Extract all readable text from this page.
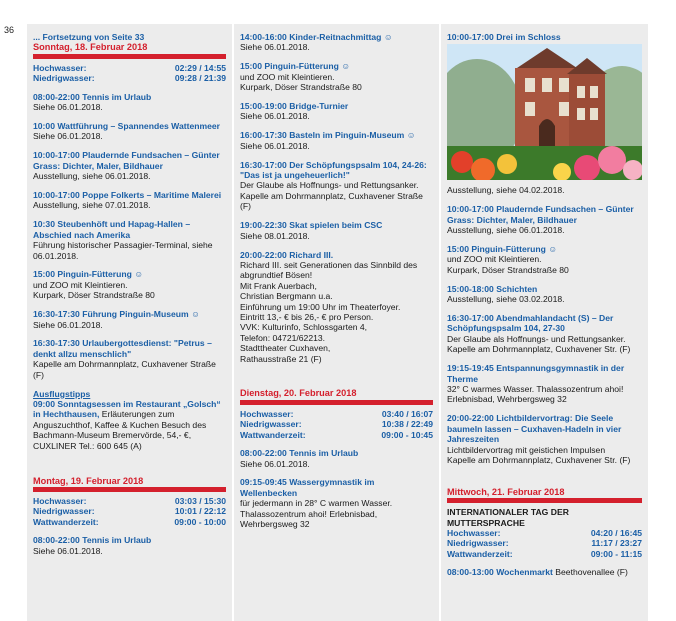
36
... Fortsetzung von Seite 33
Sonntag, 18. Februar 2018
Hochwasser:	02:29 / 14:55
Niedrigwasser:	09:28 / 21:39
08:00-22:00 Tennis im Urlaub
Siehe 06.01.2018.
10:00 Wattführung – Spannendes Wattenmeer
Siehe 06.01.2018.
10:00-17:00 Plaudernde Fundsachen – Günter Grass: Dichter, Maler, Bildhauer
Ausstellung, siehe 06.01.2018.
10:00-17:00 Poppe Folkerts – Maritime Malerei
Ausstellung, siehe 07.01.2018.
10:30 Steubenhöft und Hapag-Hallen – Abschied nach Amerika
Führung historischer Passagier-Terminal, siehe 06.01.2018.
15:00 Pinguin-Fütterung ☺
und ZOO mit Kleintieren.
Kurpark, Döser Strandstraße 80
16:30-17:30 Führung Pinguin-Museum ☺
Siehe 06.01.2018.
16:30-17:30 Urlaubergottesdienst: "Petrus – denkt allzu menschlich"
Kapelle am Dohrmannplatz, Cuxhavener Straße (F)
Ausflugstipps
09:00 Sonntagsessen im Restaurant „Golsch“ in Hechthausen, Erläuterungen zum Anguszuchthof, Kaffee & Kuchen Besuch des Bachmann-Museum Bremervörde, 54,- €, CUXLINER Tel.: 600 645 (A)
Montag, 19. Februar 2018
Hochwasser:	03:03 / 15:30
Niedrigwasser:	10:01 / 22:12
Wattwanderzeit:	09:00 - 10:00
08:00-22:00 Tennis im Urlaub
Siehe 06.01.2018.
14:00-16:00 Kinder-Reitnachmittag ☺
Siehe 06.01.2018.
15:00 Pinguin-Fütterung ☺
und ZOO mit Kleintieren.
Kurpark, Döser Strandstraße 80
15:00-19:00 Bridge-Turnier
Siehe 06.01.2018.
16:00-17:30 Basteln im Pinguin-Museum ☺
Siehe 06.01.2018.
16:30-17:00 Der Schöpfungspsalm 104, 24-26: "Das ist ja ungeheuerlich!"
Der Glaube als Hoffnungs- und Rettungsanker.
Kapelle am Dohrmannplatz, Cuxhavener Straße (F)
19:00-22:30 Skat spielen beim CSC
Siehe 08.01.2018.
20:00-22:00 Richard III.
Richard III. seit Generationen das Sinnbild des abgrundtief Bösen!
Mit Frank Auerbach,
Christian Bergmann u.a.
Einführung um 19:00 Uhr im Theaterfoyer.
Eintritt 13,- € bis 26,- € pro Person.
VVK: Kulturinfo, Schlossgarten 4,
Telefon: 04721/62213.
Stadttheater Cuxhaven,
Rathausstraße 21 (F)
Dienstag, 20. Februar 2018
Hochwasser:	03:40 / 16:07
Niedrigwasser:	10:38 / 22:49
Wattwanderzeit:	09:00 - 10:45
08:00-22:00 Tennis im Urlaub
Siehe 06.01.2018.
09:15-09:45 Wassergymnastik im Wellenbecken
für jedermann in 28° C warmen Wasser.
Thalassozentrum ahoi! Erlebnisbad, Wehrbergsweg 32
10:00-17:00 Drei im Schloss
Ausstellung, siehe 04.02.2018.
10:00-17:00 Plaudernde Fundsachen – Günter Grass: Dichter, Maler, Bildhauer
Ausstellung, siehe 06.01.2018.
15:00 Pinguin-Fütterung ☺
und ZOO mit Kleintieren.
Kurpark, Döser Strandstraße 80
15:00-18:00 Schichten
Ausstellung, siehe 03.02.2018.
16:30-17:00 Abendmahlandacht (S) – Der Schöpfungspsalm 104, 27-30
Der Glaube als Hoffnungs- und Rettungsanker.
Kapelle am Dohrmannplatz, Cuxhavener Str. (F)
19:15-19:45 Entspannungsgymnastik in der Therme
32° C warmes Wasser. Thalassozentrum ahoi!
Erlebnisbad, Wehrbergsweg 32
20:00-22:00 Lichtbildervortrag: Die Seele baumeln lassen – Cuxhaven-Hadeln in vier Jahreszeiten
Lichtbildervortrag mit geistichen Impulsen
Kapelle am Dohrmannplatz, Cuxhavener Str. (F)
Mittwoch, 21. Februar 2018
INTERNATIONALER TAG DER MUTTERSPRACHE
Hochwasser:	04:20 / 16:45
Niedrigwasser:	11:17 / 23:27
Wattwanderzeit:	09:00 - 11:15
08:00-13:00 Wochenmarkt Beethovenallee (F)
